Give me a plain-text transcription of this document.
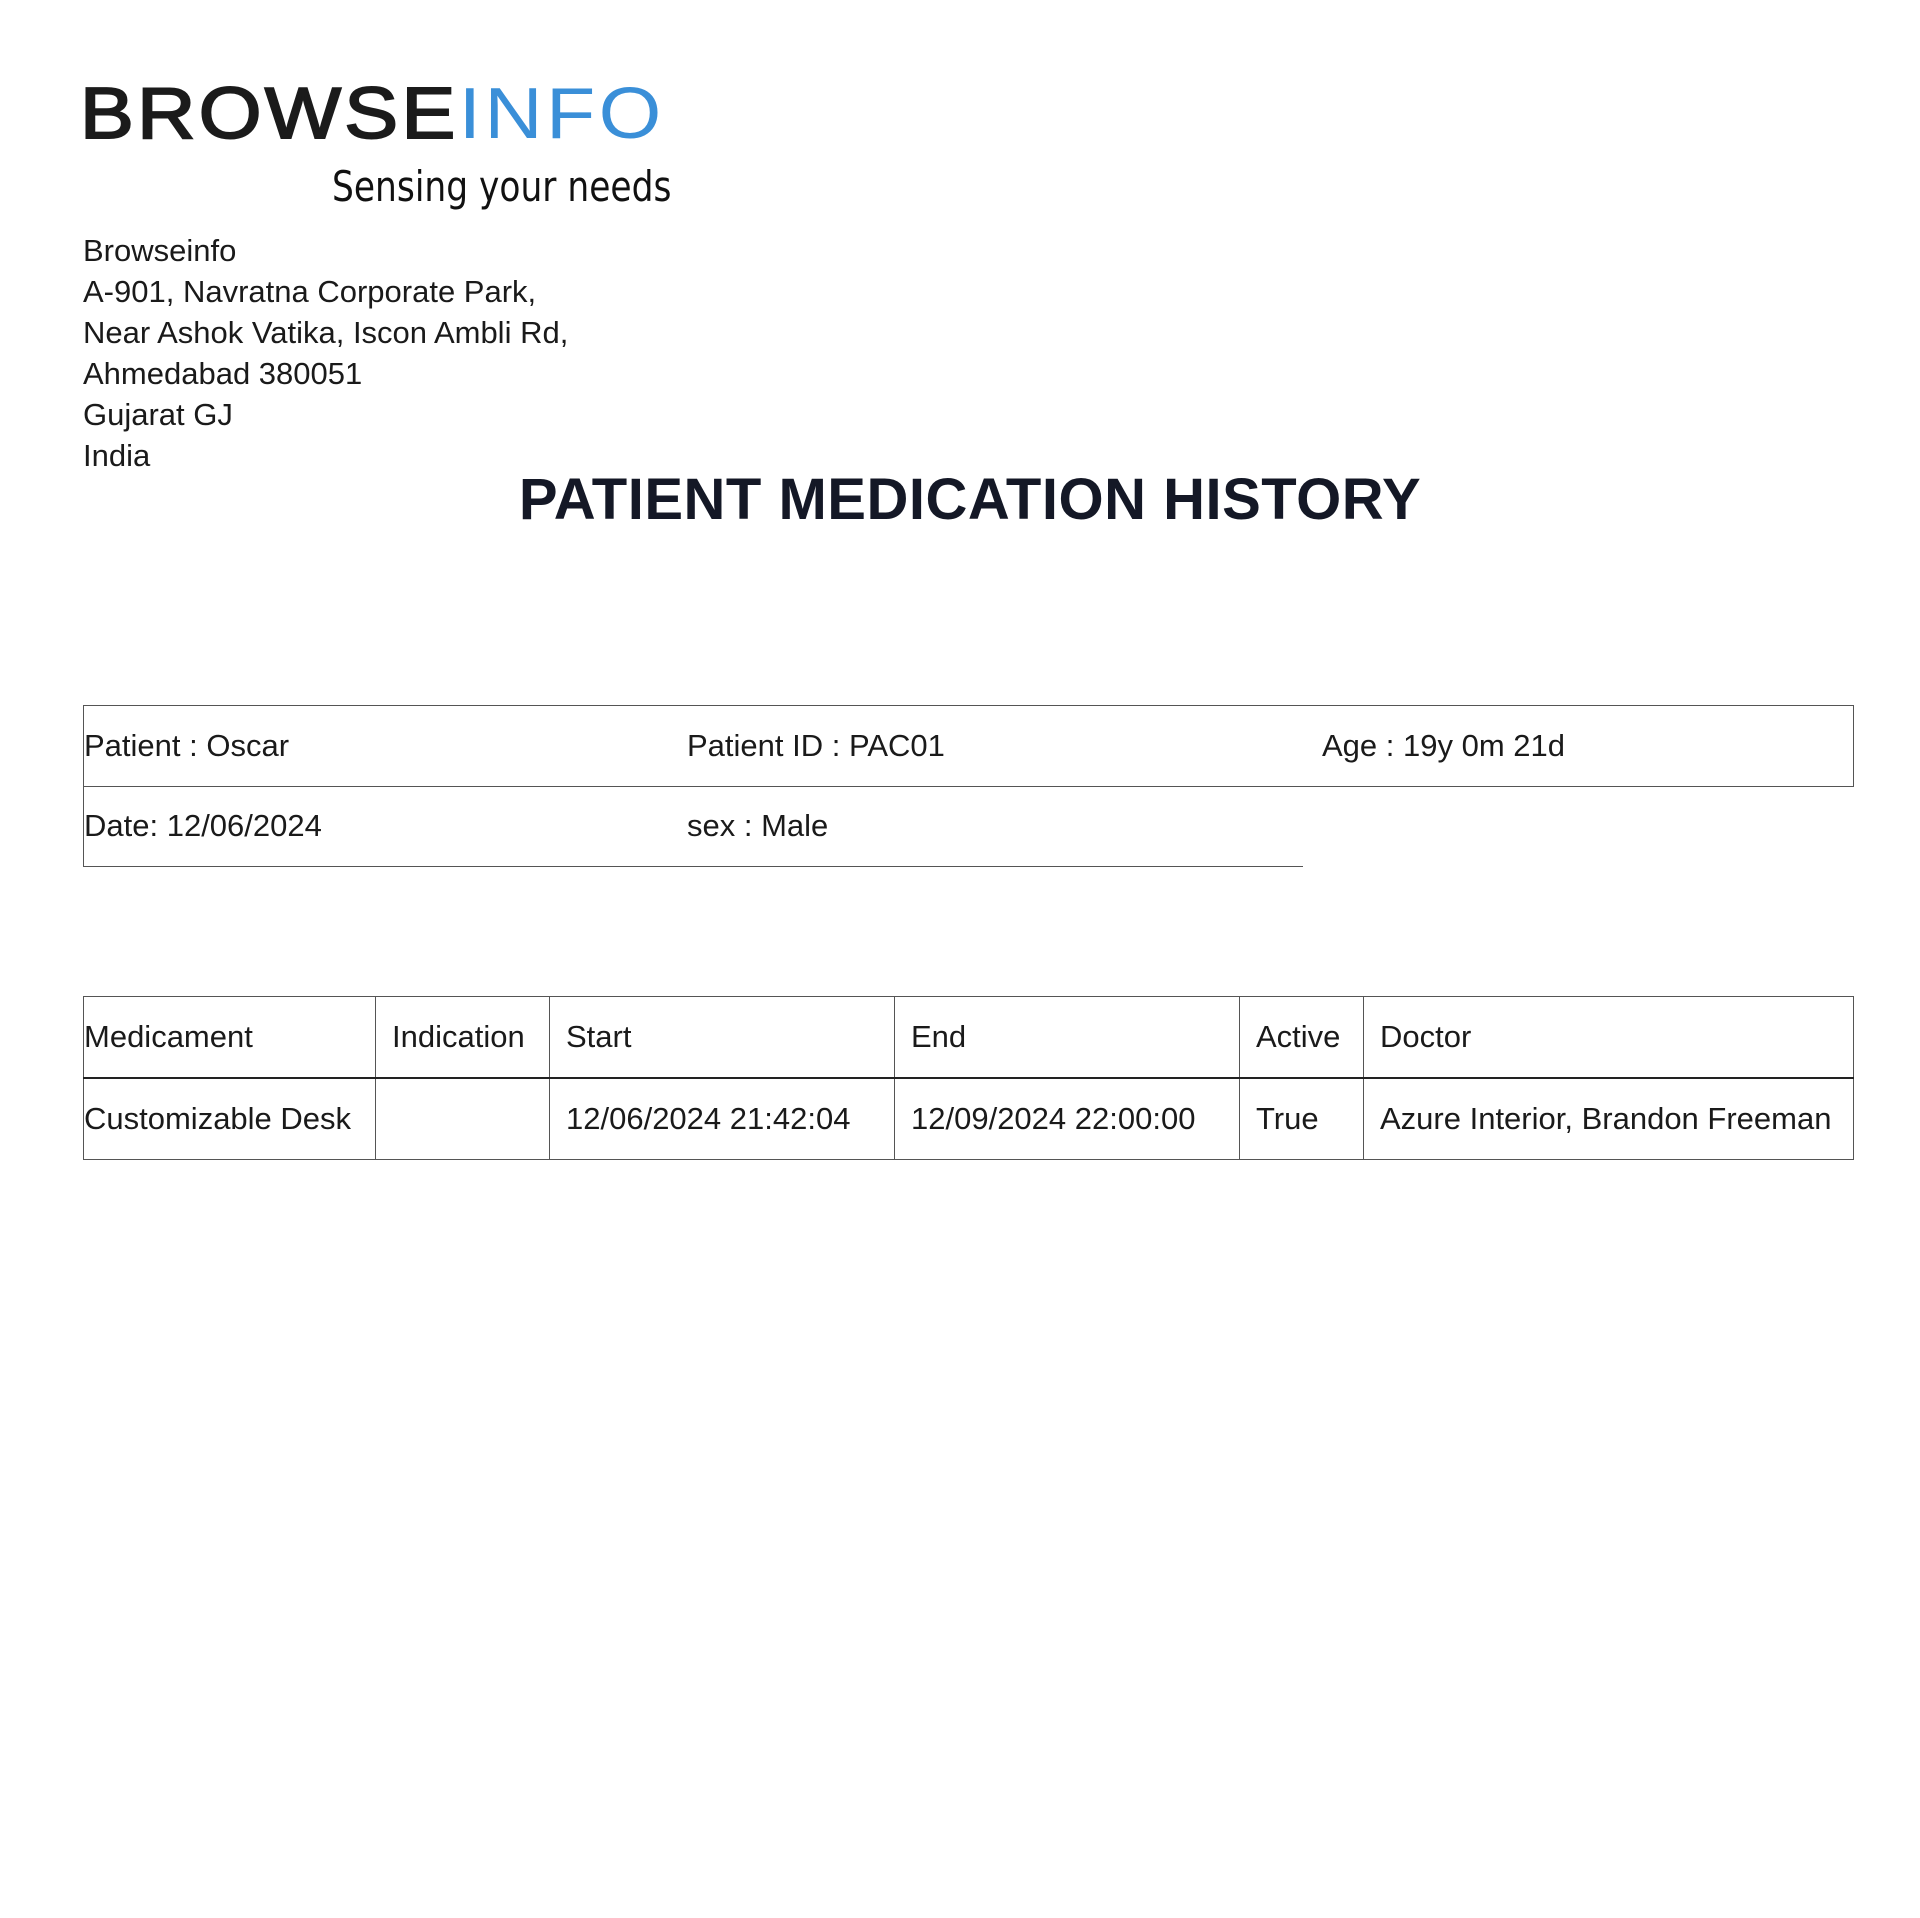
BROWSEINFO
Sensing your needs
Browseinfo
A-901, Navratna Corporate Park,
Near Ashok Vatika, Iscon Ambli Rd,
Ahmedabad 380051
Gujarat GJ
India
PATIENT MEDICATION HISTORY
Patient : Oscar	Patient ID : PAC01	Age : 19y 0m 21d
Date: 12/06/2024	sex : Male
Medicament	Indication	Start	End	Active	Doctor
Customizable Desk		12/06/2024 21:42:04	12/09/2024 22:00:00	True	Azure Interior, Brandon Freeman
